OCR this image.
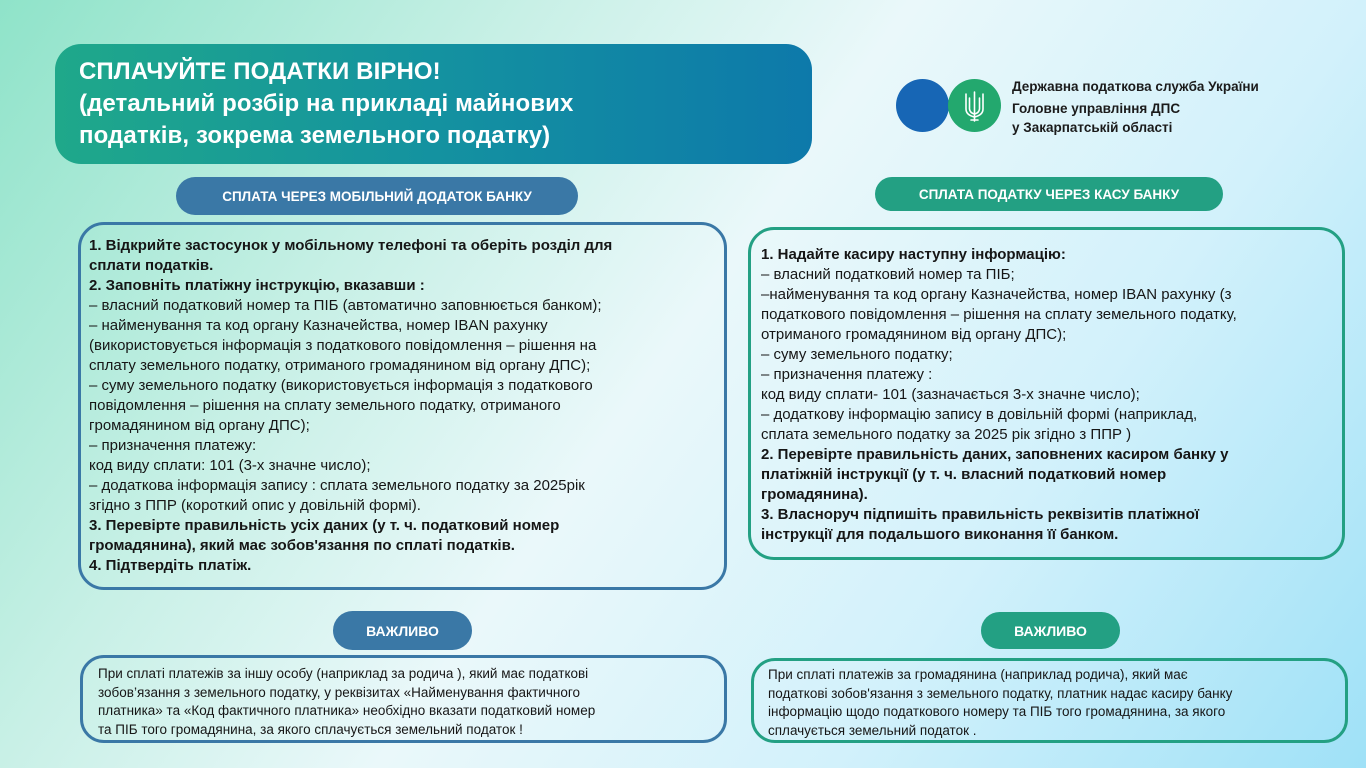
СПЛАЧУЙТЕ ПОДАТКИ ВІРНО!
(детальний розбір на прикладі майнових
податків, зокрема земельного податку)
Державна податкова служба України
Головне управління ДПС
у Закарпатській області
СПЛАТА ЧЕРЕЗ МОБІЛЬНИЙ ДОДАТОК БАНКУ	СПЛАТА ПОДАТКУ ЧЕРЕЗ КАСУ БАНКУ
1. Відкрийте застосунок у мобільному телефоні та оберіть розділ для
сплати податків.
2. Заповніть платіжну інструкцію, вказавши :
– власний податковий номер та ПІБ (автоматично заповнюється банком);
– найменування та код органу Казначейства, номер IBAN рахунку
(використовується інформація з податкового повідомлення – рішення на
сплату земельного податку, отриманого громадянином від органу ДПС);
– суму земельного податку (використовується інформація з податкового
повідомлення – рішення на сплату земельного податку, отриманого
громадянином від органу ДПС);
– призначення платежу:
код виду сплати: 101 (3-х значне число);
– додаткова інформація запису : сплата земельного податку за 2025рік
згідно з ППР (короткий опис у довільній формі).
3. Перевірте правильність усіх даних (у т. ч. податковий номер
громадянина), який має зобов'язання по сплаті податків.
4. Підтвердіть платіж.
1. Надайте касиру наступну інформацію:
– власний податковий номер та ПІБ;
–найменування та код органу Казначейства, номер IBAN рахунку (з
податкового повідомлення – рішення на сплату земельного податку,
отриманого громадянином від органу ДПС);
– суму земельного податку;
– призначення платежу :
код виду сплати- 101 (зазначається 3-х значне число);
– додаткову інформацію запису в довільній формі (наприклад,
сплата земельного податку за 2025 рік згідно з ППР )
2. Перевірте правильність даних, заповнених касиром банку у
платіжній інструкції (у т. ч. власний податковий номер
громадянина).
3. Власноруч підпишіть правильність реквізитів платіжної
інструкції для подальшого виконання її банком.
ВАЖЛИВО	ВАЖЛИВО
При сплаті платежів за іншу особу (наприклад за родича ), який має податкові
зобов’язання з земельного податку, у реквізитах «Найменування фактичного
платника» та «Код фактичного платника» необхідно вказати податковий номер
та ПІБ того громадянина, за якого сплачується земельний податок !
При сплаті платежів за громадянина (наприклад родича), який має
податкові зобов'язання з земельного податку, платник надає касиру банку
інформацію щодо податкового номеру та ПІБ того громадянина, за якого
сплачується земельний податок .
